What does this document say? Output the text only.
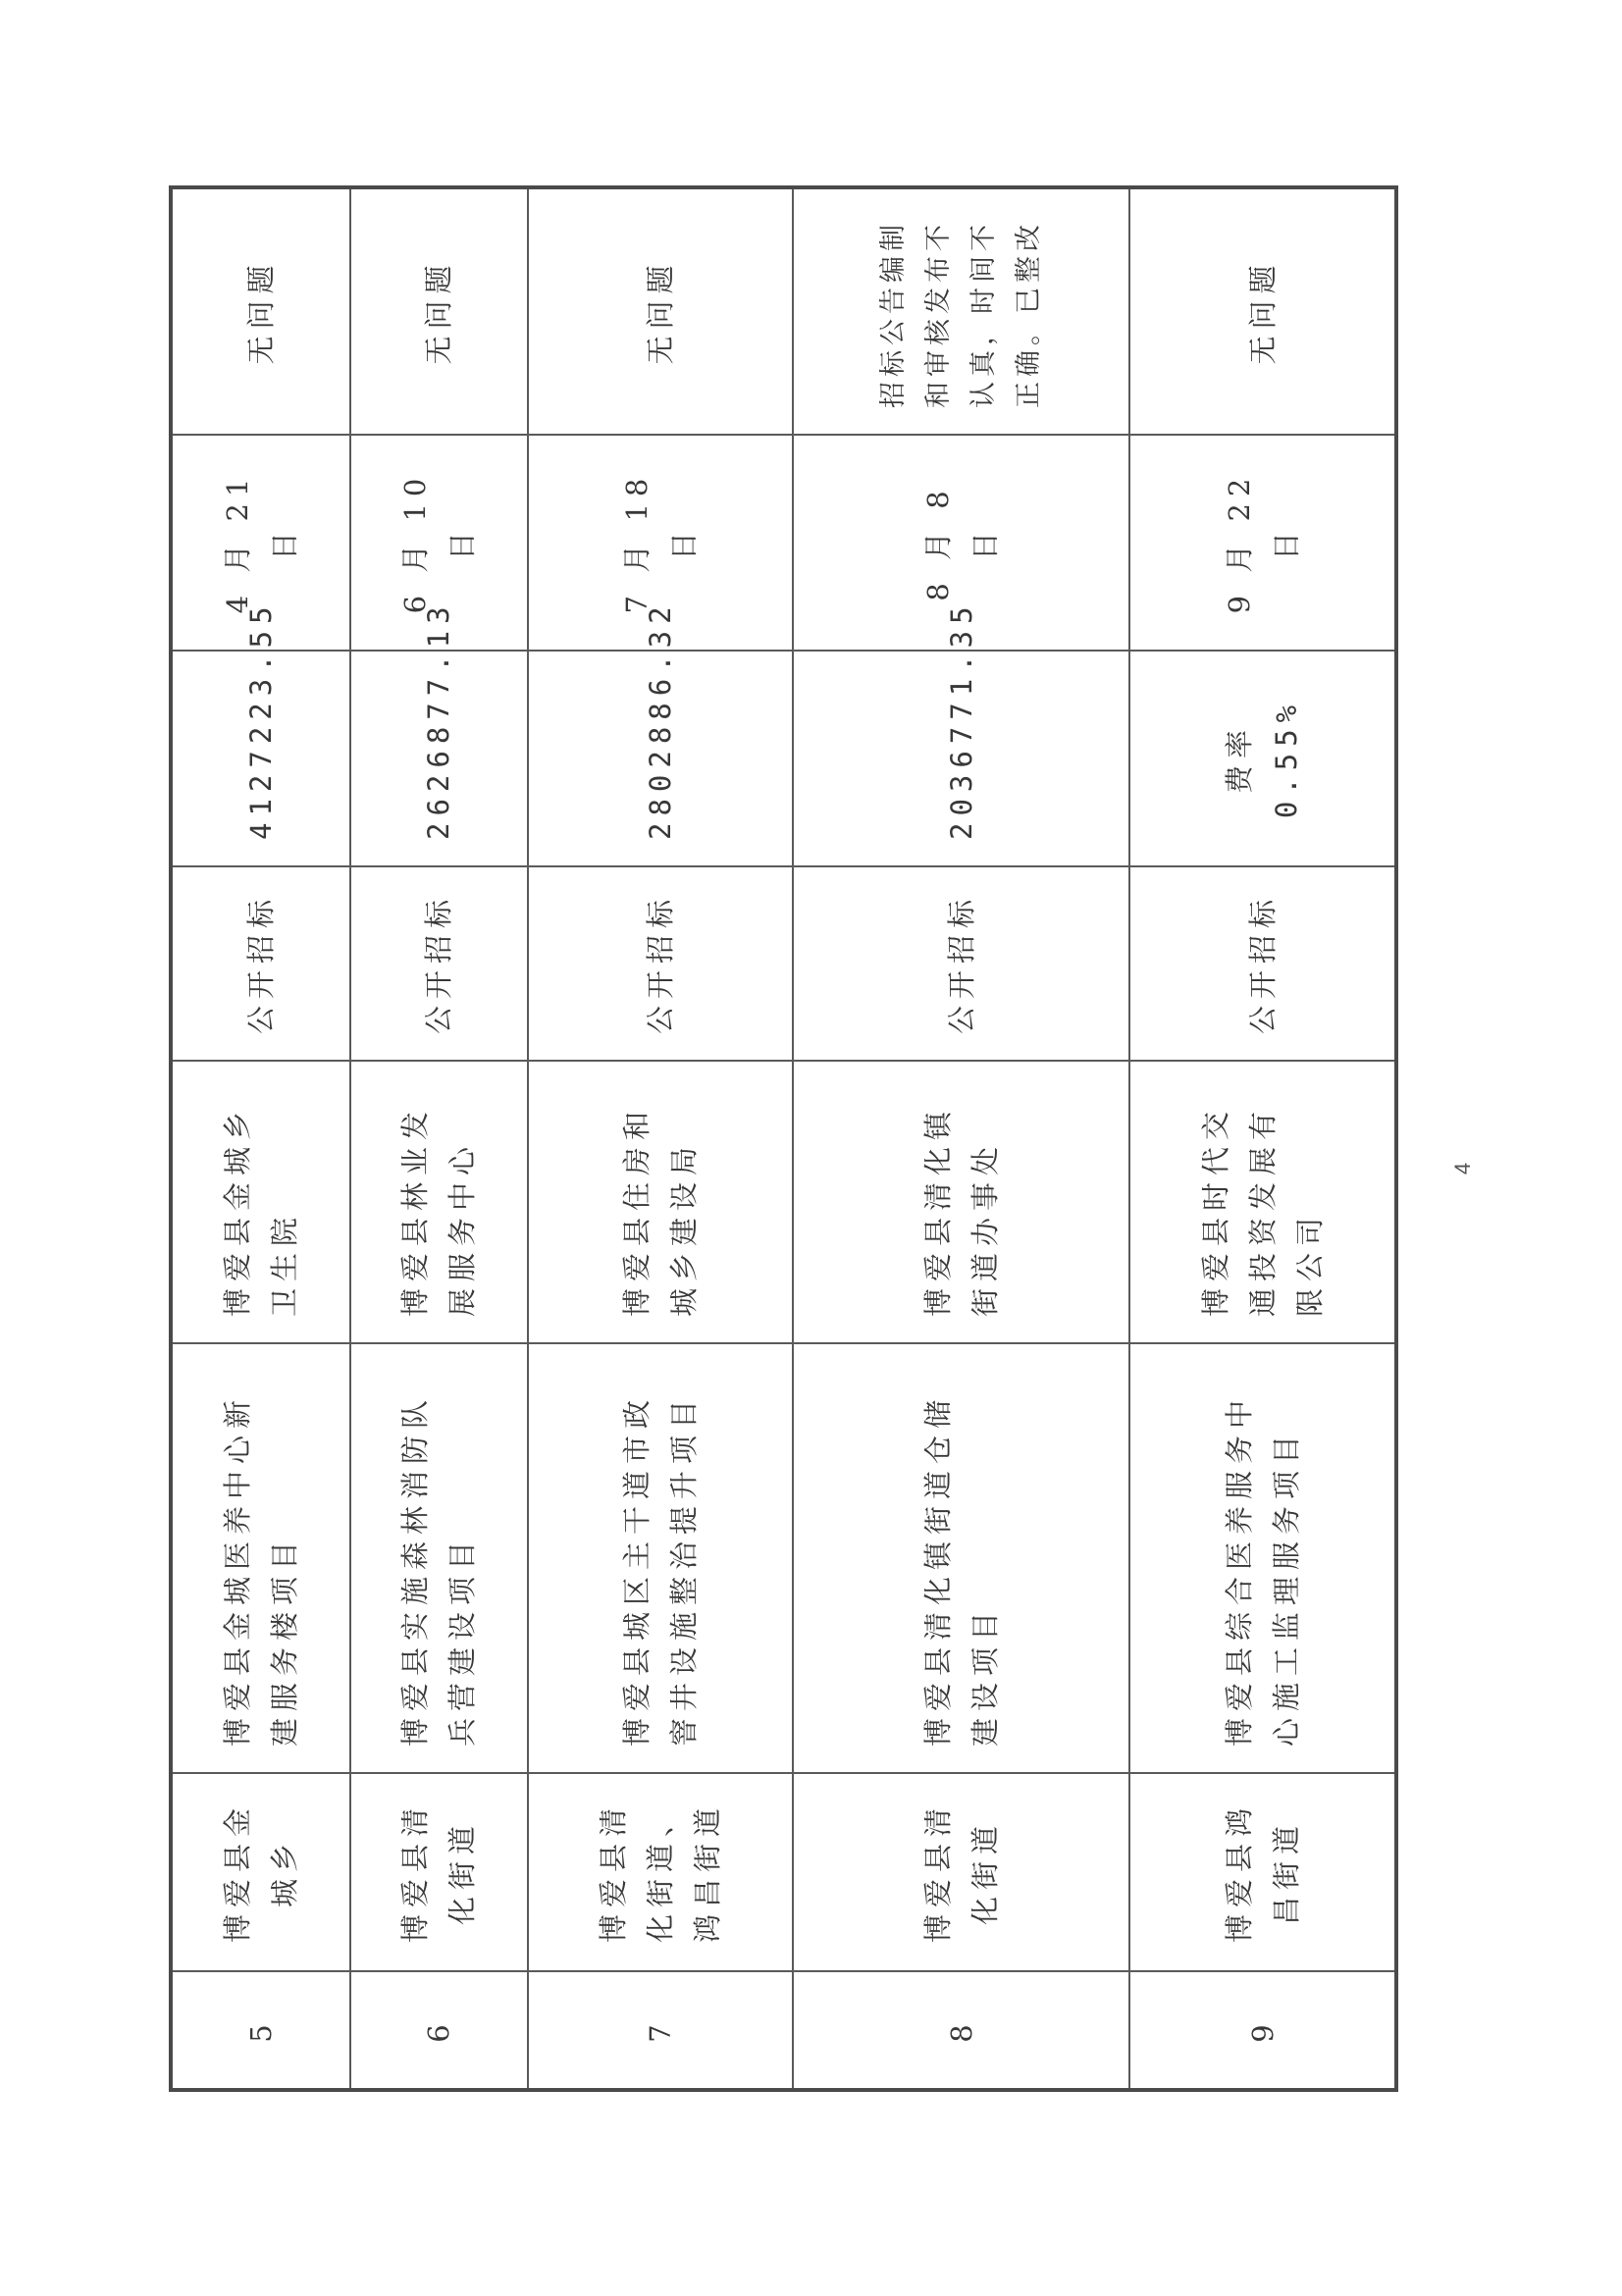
5	博爱县金城乡	博爱县金城医养中心新建服务楼项目	博爱县金城乡卫生院	公开招标	4127223.55	4 月 21 日	无问题
6	博爱县清化街道	博爱县实施森林消防队兵营建设项目	博爱县林业发展服务中心	公开招标	2626877.13	6 月 10 日	无问题
7	博爱县清化街道、鸿昌街道	博爱县城区主干道市政窨井设施整治提升项目	博爱县住房和城乡建设局	公开招标	2802886.32	7 月 18 日	无问题
8	博爱县清化街道	博爱县清化镇街道仓储建设项目	博爱县清化镇街道办事处	公开招标	2036771.35	8 月 8 日	招标公告编制和审核发布不认真，时间不正确。已整改
9	博爱县鸿昌街道	博爱县综合医养服务中心施工监理服务项目	博爱县时代交通投资发展有限公司	公开招标	费率 0.55%	9 月 22 日	无问题
4
